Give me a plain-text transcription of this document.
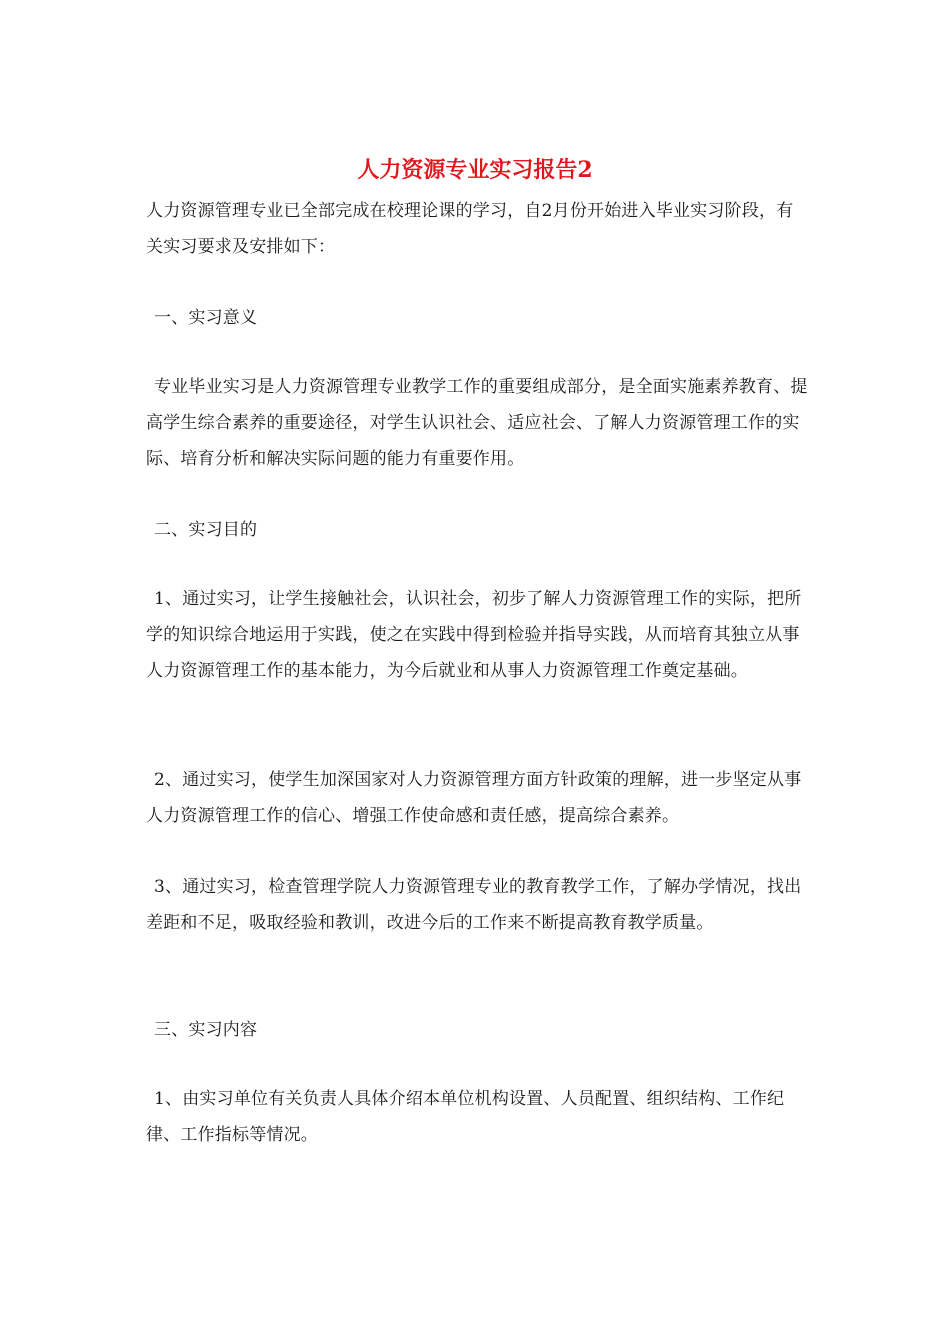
人力资源专业实习报告2

人力资源管理专业已全部完成在校理论课的学习，自2月份开始进入毕业实习阶段，有关实习要求及安排如下：

一、实习意义

专业毕业实习是人力资源管理专业教学工作的重要组成部分，是全面实施素养教育、提高学生综合素养的重要途径，对学生认识社会、适应社会、了解人力资源管理工作的实际、培育分析和解决实际问题的能力有重要作用。

二、实习目的

1、通过实习，让学生接触社会，认识社会，初步了解人力资源管理工作的实际，把所学的知识综合地运用于实践，使之在实践中得到检验并指导实践，从而培育其独立从事人力资源管理工作的基本能力，为今后就业和从事人力资源管理工作奠定基础。

2、通过实习，使学生加深国家对人力资源管理方面方针政策的理解，进一步坚定从事人力资源管理工作的信心、增强工作使命感和责任感，提高综合素养。

3、通过实习，检查管理学院人力资源管理专业的教育教学工作，了解办学情况，找出差距和不足，吸取经验和教训，改进今后的工作来不断提高教育教学质量。

三、实习内容

1、由实习单位有关负责人具体介绍本单位机构设置、人员配置、组织结构、工作纪律、工作指标等情况。
